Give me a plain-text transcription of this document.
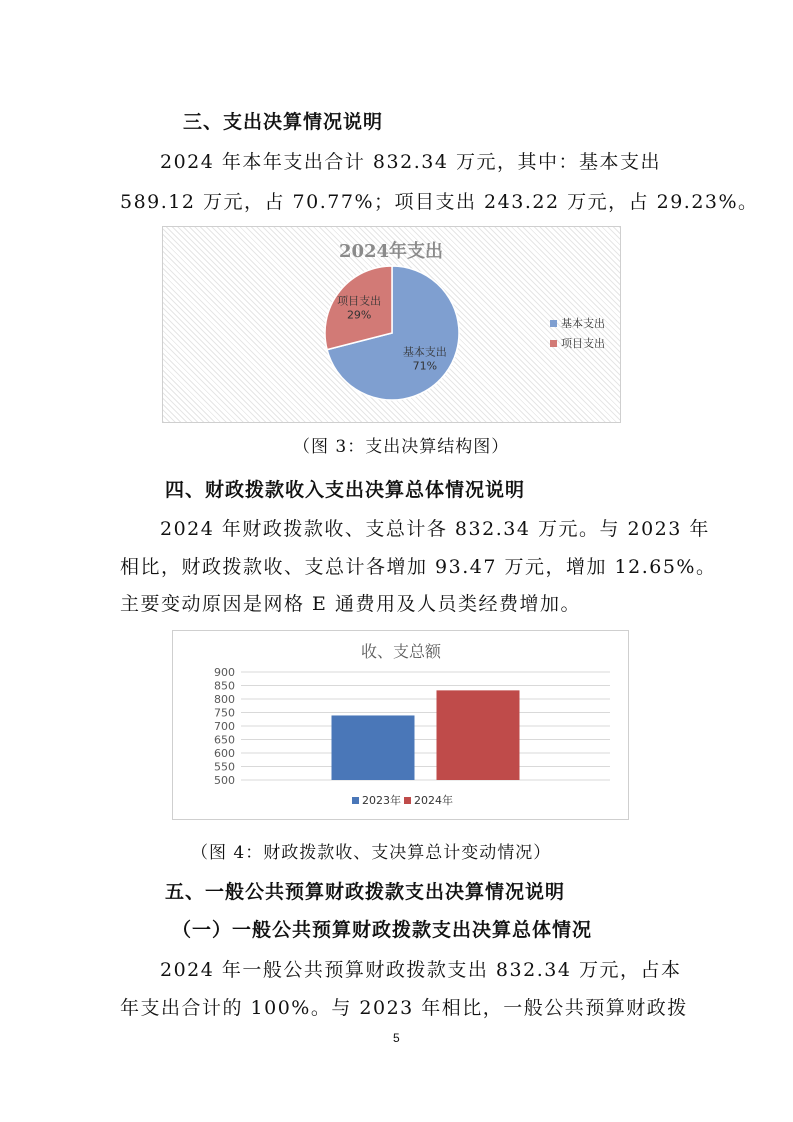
三、支出决算情况说明
2024 年本年支出合计 832.34 万元，其中：基本支出
589.12 万元，占 70.77%；项目支出 243.22 万元，占 29.23%。
2024年支出
基本支出
71%
项目支出
29%
基本支出
项目支出
（图 3：支出决算结构图）
四、财政拨款收入支出决算总体情况说明
2024 年财政拨款收、支总计各 832.34 万元。与 2023 年
相比，财政拨款收、支总计各增加 93.47 万元，增加 12.65%。
主要变动原因是网格 E 通费用及人员类经费增加。
收、支总额
500
550
600
650
700
750
800
850
900
2023年 2024年
（图 4：财政拨款收、支决算总计变动情况）
五、一般公共预算财政拨款支出决算情况说明
（一）一般公共预算财政拨款支出决算总体情况
2024 年一般公共预算财政拨款支出 832.34 万元，占本
年支出合计的 100%。与 2023 年相比，一般公共预算财政拨
5
